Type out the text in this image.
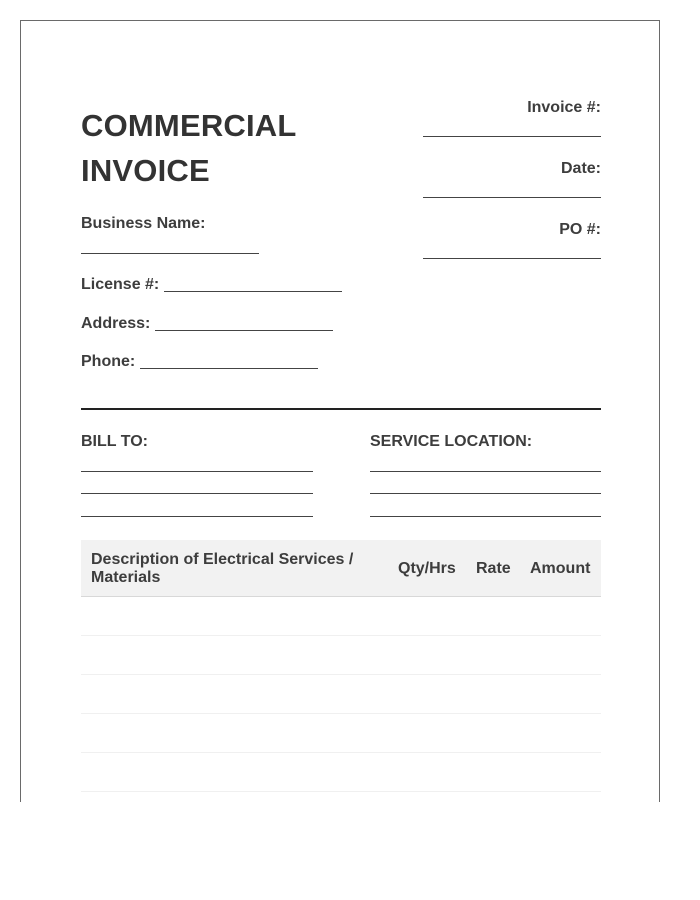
COMMERCIAL
INVOICE
Business Name:
License #:
Address:
Phone:
Invoice #:
Date:
PO #:
BILL TO:	SERVICE LOCATION:
Description of Electrical Services / Materials
Qty/Hrs Rate Amount
